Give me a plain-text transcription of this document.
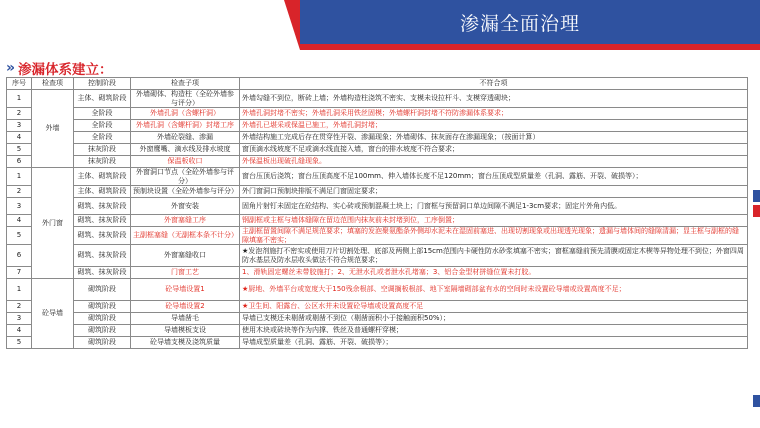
渗漏全面治理
» 渗漏体系建立：
序号	检查项	控制阶段	检查子项	不符合项
1	外墙	主体、砌筑阶段	外墙砌体、构造柱（全砼外墙参与评分）	外墙勾缝不到位，断砖上墙；外墙构造柱浇筑不密实、支模未设拉杆斗、支模穿透砌块；
2		全阶段	外墙孔洞（含螺杆洞）	外墙孔洞封堵不密实；外墙孔洞采用铁丝固模；外墙螺杆洞封堵不符防渗漏体系要求；
3		全阶段	外墙孔洞（含螺杆洞）封堵工序	外墙孔已堪采或保温已施工，外墙孔洞封堵；
4		全阶段	外墙砼裂缝、渗漏	外墙结构施工完成后存在贯穿性开裂、渗漏现象；外墙砌体、抹灰面存在渗漏现象；（按面计算）
5		抹灰阶段	外窗鹰嘴、滴水线及排水坡度	窗顶滴水线坡度不足或滴水线直接入墙，窗台的排水坡度不符合要求；
6		抹灰阶段	保温板收口	外保温板出现破孔缝现象。
1	外门窗	主体、砌筑阶段	外窗洞口节点（全砼外墙参与评分）	窗台压顶后浇筑；窗台压顶高度不足100mm、伸入墙体长度不足120mm；窗台压顶成型质量差（孔洞、露筋、开裂、破损等）；
2		主体、砌筑阶段	预制块设置（全砼外墙参与评分）	外门窗洞口预制块排版不满足门窗固定要求；
3		砌筑、抹灰阶段	外窗安装	固角片射钉未固定在砼结构、实心砖或预制混凝土块上；门窗框与预留洞口单边间隙不满足1-3cm要求；固定片外角内低。
4		砌筑、抹灰阶段	外窗塞缝工序	钢副框或主框与墙体缝隙在留边范围内抹灰前未封堵到位，工序倒置；
5		砌筑、抹灰阶段	主副框塞缝（无副框本条不计分）	主副框留置间隙不满足规范要求；填塞的发泡聚氨酯条外侧却水泥未在湿固前塞进、出现切割现象或出现透光现象；遗漏与墙体间的缝隙清漏；显主框与副框的缝隙填塞不密实；
6		砌筑、抹灰阶段	外窗塞缝收口	★发泡剂施打不密实或使用刀片切割处理、底部及两侧上部15cm范围内卡硬性防水砂浆填塞不密实；窗框塞缝前预先清膜或固定木楔等异物处理不到位；外窗四周防水基层及防水层收头做法不符合规范要求；
7		砌筑、抹灰阶段	门窗工艺	1、滑轨固定螺丝未带胶施打；2、无泄水孔或者泄水孔堵塞；3、铝合金型材拼缝位置未打胶。
1	砼导墙	砌筑阶段	砼导墙设置1	★厨地、外墙平台或宽度大于150残余根部、空调搁板根部、地下室隔墙砌部盆有水的空间时未设置砼导墙或设置高度不足；
2		砌筑阶段	砼导墙设置2	★卫生间、阳露台、公区水井未设置砼导墙或设置高度不足
3		砌筑阶段	导墙凿毛	导墙已支模还未剔凿或剔凿不到位（剔凿面积小于接触面积50%）；
4		砌筑阶段	导墙模板支设	使用木块或砖块等作为内撑、铁丝及普通螺杆穿模；
5		砌筑阶段	砼导墙支模及浇筑质量	导墙成型质量差（孔洞、露筋、开裂、破损等）；
